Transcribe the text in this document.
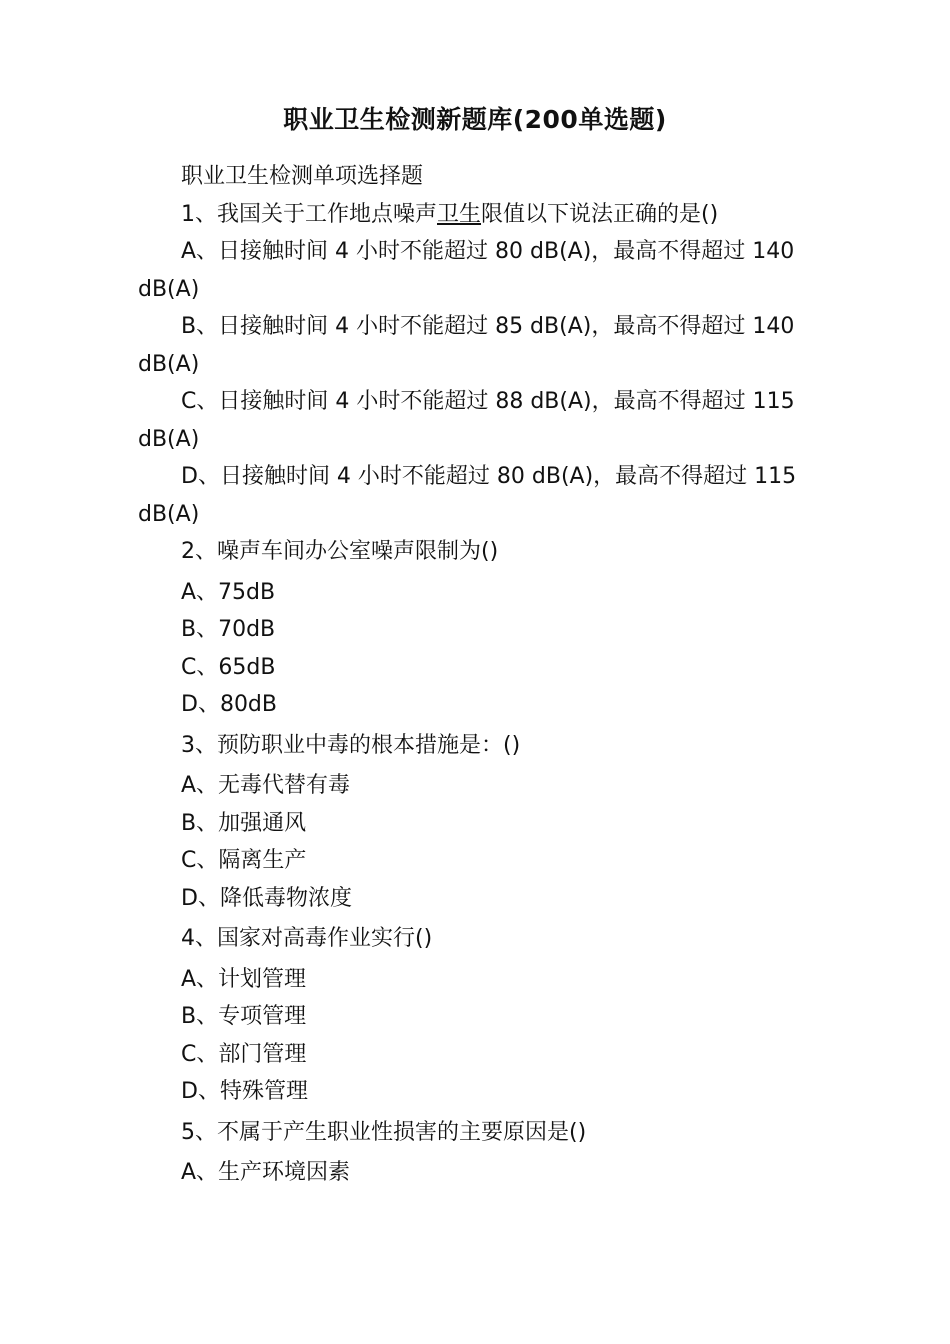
职业卫生检测新题库(200单选题)

职业卫生检测单项选择题

1、我国关于工作地点噪声卫生限值以下说法正确的是()

A、日接触时间 4 小时不能超过 80 dB(A)，最高不得超过 140 dB(A)

B、日接触时间 4 小时不能超过 85 dB(A)，最高不得超过 140 dB(A)

C、日接触时间 4 小时不能超过 88 dB(A)，最高不得超过 115 dB(A)

D、日接触时间 4 小时不能超过 80 dB(A)，最高不得超过 115 dB(A)

2、噪声车间办公室噪声限制为()

A、75dB

B、70dB

C、65dB

D、80dB

3、预防职业中毒的根本措施是：()

A、无毒代替有毒

B、加强通风

C、隔离生产

D、降低毒物浓度

4、国家对高毒作业实行()

A、计划管理

B、专项管理

C、部门管理

D、特殊管理

5、不属于产生职业性损害的主要原因是()

A、生产环境因素
